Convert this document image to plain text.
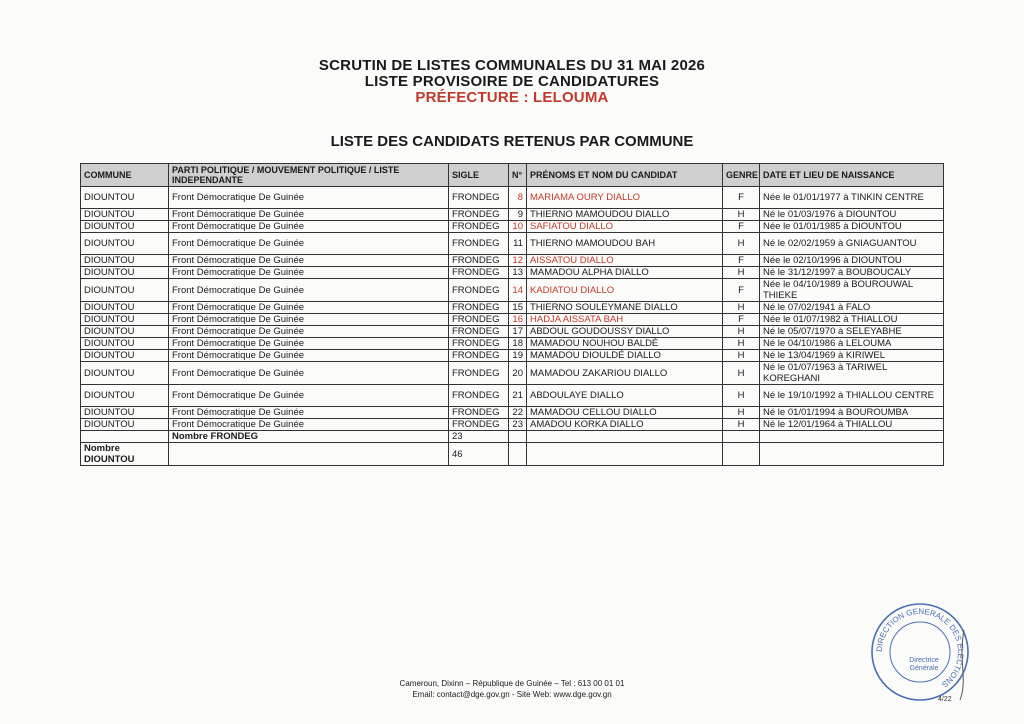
SCRUTIN DE LISTES COMMUNALES DU 31 MAI 2026
LISTE PROVISOIRE DE CANDIDATURES
PRÉFECTURE : LELOUMA
LISTE DES CANDIDATS RETENUS PAR COMMUNE
COMMUNE	PARTI POLITIQUE / MOUVEMENT POLITIQUE / LISTE INDEPENDANTE	SIGLE	N°	PRÉNOMS ET NOM DU CANDIDAT	GENRE	DATE ET LIEU DE NAISSANCE
DIOUNTOU	Front Démocratique De Guinée	FRONDEG	8	MARIAMA OURY DIALLO	F	Née le 01/01/1977 à TINKIN CENTRE
DIOUNTOU	Front Démocratique De Guinée	FRONDEG	9	THIERNO MAMOUDOU DIALLO	H	Né le 01/03/1976 à DIOUNTOU
DIOUNTOU	Front Démocratique De Guinée	FRONDEG	10	SAFIATOU DIALLO	F	Née le 01/01/1985 à DIOUNTOU
DIOUNTOU	Front Démocratique De Guinée	FRONDEG	11	THIERNO MAMOUDOU BAH	H	Né le 02/02/1959 à GNIAGUANTOU
DIOUNTOU	Front Démocratique De Guinée	FRONDEG	12	AISSATOU DIALLO	F	Née le 02/10/1996 à DIOUNTOU
DIOUNTOU	Front Démocratique De Guinée	FRONDEG	13	MAMADOU ALPHA DIALLO	H	Né le 31/12/1997 à BOUBOUCALY
DIOUNTOU	Front Démocratique De Guinée	FRONDEG	14	KADIATOU DIALLO	F	Née le 04/10/1989 à BOUROUWAL THIEKE
DIOUNTOU	Front Démocratique De Guinée	FRONDEG	15	THIERNO SOULEYMANE DIALLO	H	Né le 07/02/1941 à FALO
DIOUNTOU	Front Démocratique De Guinée	FRONDEG	16	HADJA AISSATA BAH	F	Née le 01/07/1982 à THIALLOU
DIOUNTOU	Front Démocratique De Guinée	FRONDEG	17	ABDOUL GOUDOUSSY DIALLO	H	Né le 05/07/1970 à SELEYABHE
DIOUNTOU	Front Démocratique De Guinée	FRONDEG	18	MAMADOU NOUHOU BALDÉ	H	Né le 04/10/1986 à LELOUMA
DIOUNTOU	Front Démocratique De Guinée	FRONDEG	19	MAMADOU DIOULDÉ DIALLO	H	Né le 13/04/1969 à KIRIWEL
DIOUNTOU	Front Démocratique De Guinée	FRONDEG	20	MAMADOU ZAKARIOU DIALLO	H	Né le 01/07/1963 à TARIWEL KOREGHANI
DIOUNTOU	Front Démocratique De Guinée	FRONDEG	21	ABDOULAYE DIALLO	H	Né le 19/10/1992 à THIALLOU CENTRE
DIOUNTOU	Front Démocratique De Guinée	FRONDEG	22	MAMADOU CELLOU DIALLO	H	Né le 01/01/1994 à BOUROUMBA
DIOUNTOU	Front Démocratique De Guinée	FRONDEG	23	AMADOU KORKA DIALLO	H	Né le 12/01/1964 à THIALLOU
	Nombre FRONDEG	23				
Nombre DIOUNTOU		46				
Cameroun, Dixinn – République de Guinée – Tel : 613 00 01 01
Email: contact@dge.gov.gn - Site Web: www.dge.gov.gn
DIRECTION GENERALE DES ELECTIONS
Directrice
Générale
4/22
